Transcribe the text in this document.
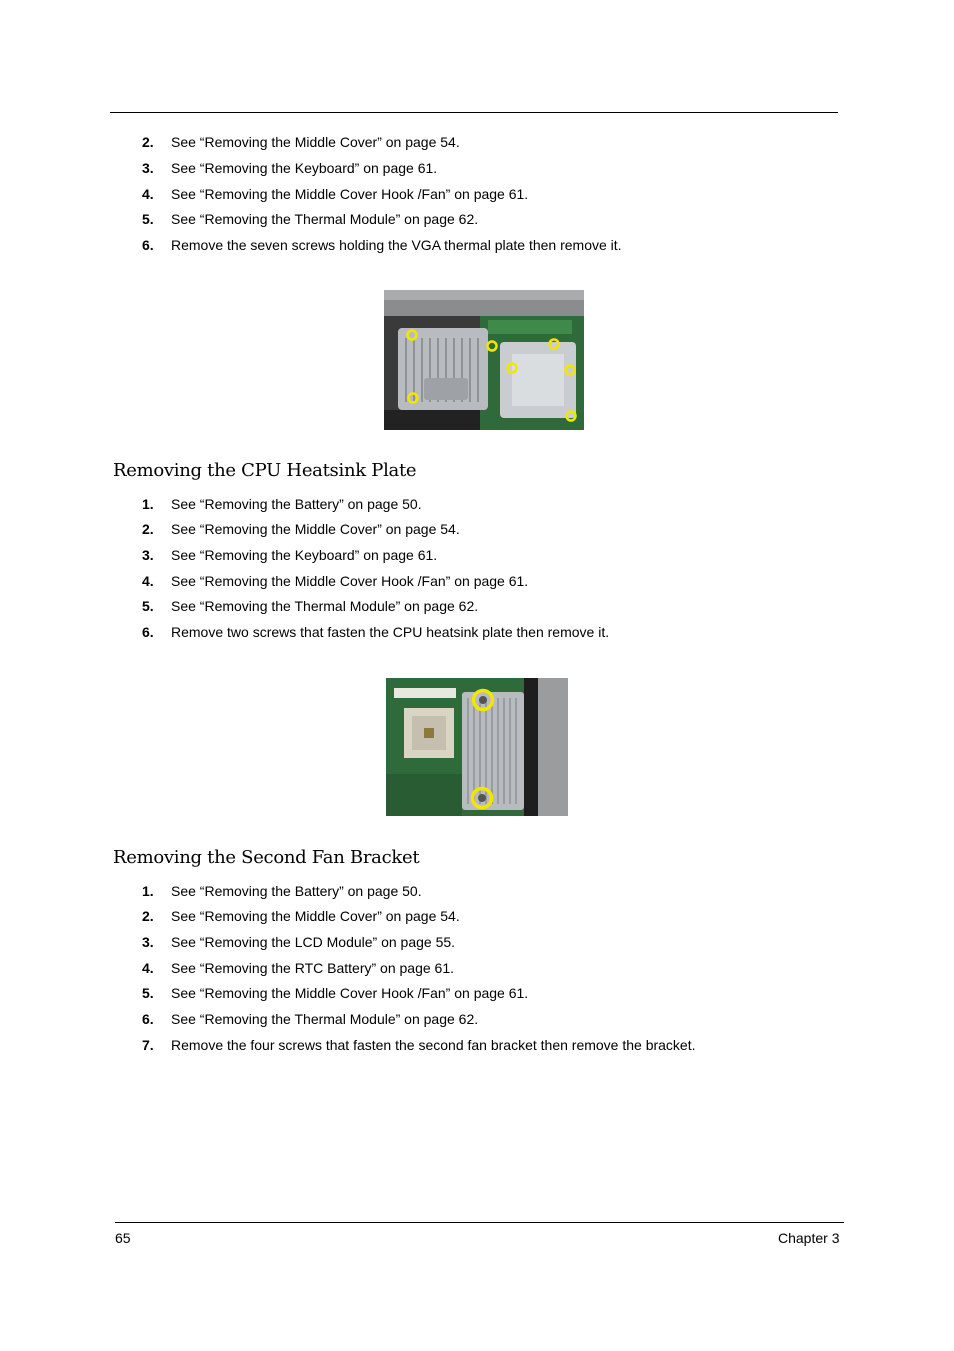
2.	See “Removing the Middle Cover” on page 54.
3.	See “Removing the Keyboard” on page 61.
4.	See “Removing the Middle Cover Hook /Fan” on page 61.
5.	See “Removing the Thermal Module” on page 62.
6.	Remove the seven screws holding the VGA thermal plate then remove it.
Removing the CPU Heatsink Plate
1.	See “Removing the Battery” on page 50.
2.	See “Removing the Middle Cover” on page 54.
3.	See “Removing the Keyboard” on page 61.
4.	See “Removing the Middle Cover Hook /Fan” on page 61.
5.	See “Removing the Thermal Module” on page 62.
6.	Remove two screws that fasten the CPU heatsink plate then remove it.
Removing the Second Fan Bracket
1.	See “Removing the Battery” on page 50.
2.	See “Removing the Middle Cover” on page 54.
3.	See “Removing the LCD Module” on page 55.
4.	See “Removing the RTC Battery” on page 61.
5.	See “Removing the Middle Cover Hook /Fan” on page 61.
6.	See “Removing the Thermal Module” on page 62.
7.	Remove the four screws that fasten the second fan bracket then remove the bracket.
65	Chapter 3
